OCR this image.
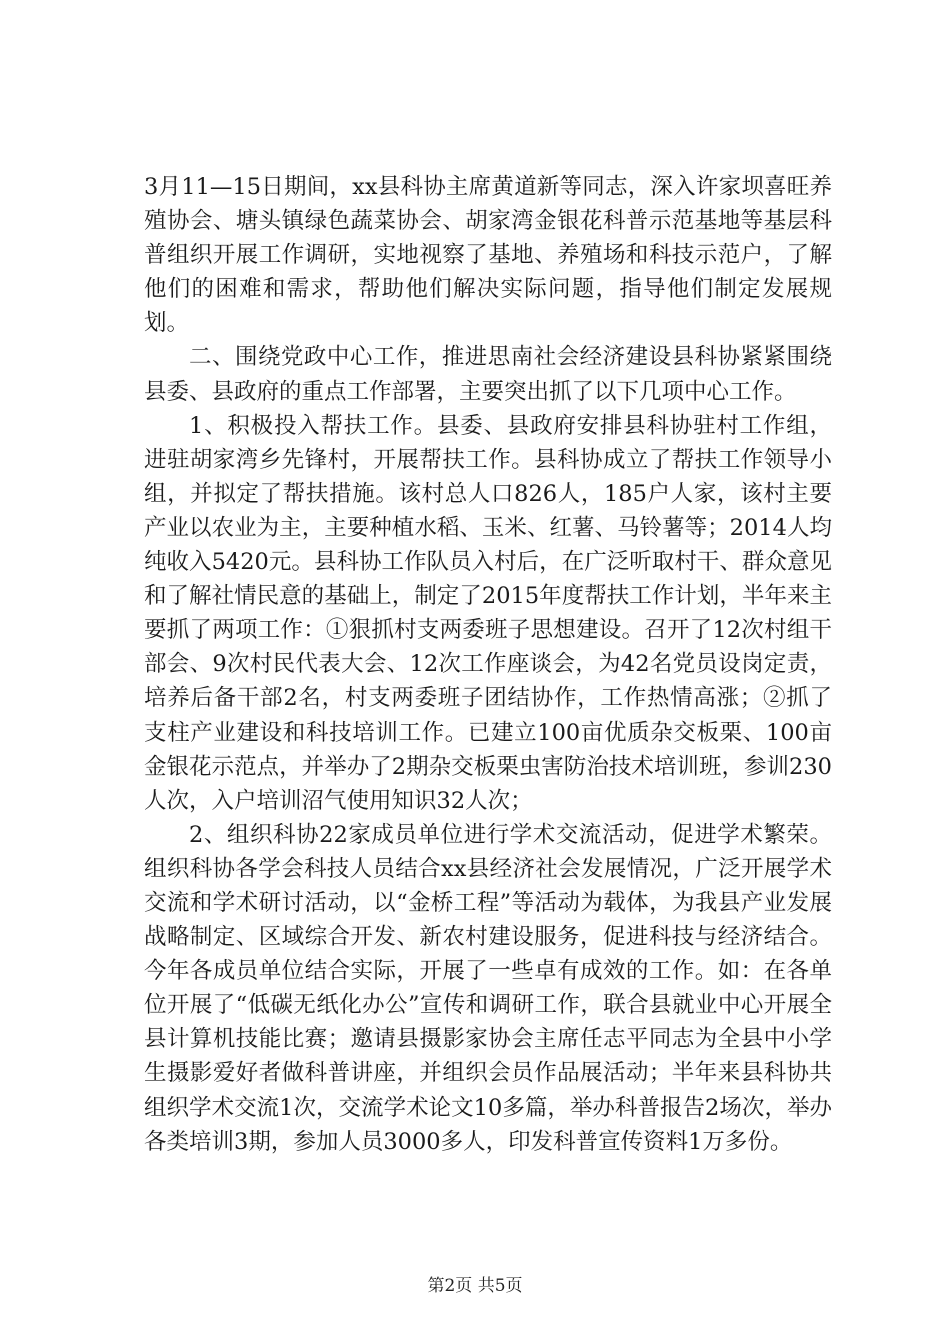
3月11—15日期间，xx县科协主席黄道新等同志，深入许家坝喜旺养殖协会、塘头镇绿色蔬菜协会、胡家湾金银花科普示范基地等基层科普组织开展工作调研，实地视察了基地、养殖场和科技示范户，了解他们的困难和需求，帮助他们解决实际问题，指导他们制定发展规划。

二、围绕党政中心工作，推进思南社会经济建设县科协紧紧围绕县委、县政府的重点工作部署，主要突出抓了以下几项中心工作。

1、积极投入帮扶工作。县委、县政府安排县科协驻村工作组，进驻胡家湾乡先锋村，开展帮扶工作。县科协成立了帮扶工作领导小组，并拟定了帮扶措施。该村总人口826人，185户人家，该村主要产业以农业为主，主要种植水稻、玉米、红薯、马铃薯等；2014人均纯收入5420元。县科协工作队员入村后，在广泛听取村干、群众意见和了解社情民意的基础上，制定了2015年度帮扶工作计划，半年来主要抓了两项工作：①狠抓村支两委班子思想建设。召开了12次村组干部会、9次村民代表大会、12次工作座谈会，为42名党员设岗定责，培养后备干部2名，村支两委班子团结协作，工作热情高涨；②抓了支柱产业建设和科技培训工作。已建立100亩优质杂交板栗、100亩金银花示范点，并举办了2期杂交板栗虫害防治技术培训班，参训230人次，入户培训沼气使用知识32人次；

2、组织科协22家成员单位进行学术交流活动，促进学术繁荣。组织科协各学会科技人员结合xx县经济社会发展情况，广泛开展学术交流和学术研讨活动，以“金桥工程”等活动为载体，为我县产业发展战略制定、区域综合开发、新农村建设服务，促进科技与经济结合。今年各成员单位结合实际，开展了一些卓有成效的工作。如：在各单位开展了“低碳无纸化办公”宣传和调研工作，联合县就业中心开展全县计算机技能比赛；邀请县摄影家协会主席任志平同志为全县中小学生摄影爱好者做科普讲座，并组织会员作品展活动；半年来县科协共组织学术交流1次，交流学术论文10多篇，举办科普报告2场次，举办各类培训3期，参加人员3000多人，印发科普宣传资料1万多份。

第2页 共5页
